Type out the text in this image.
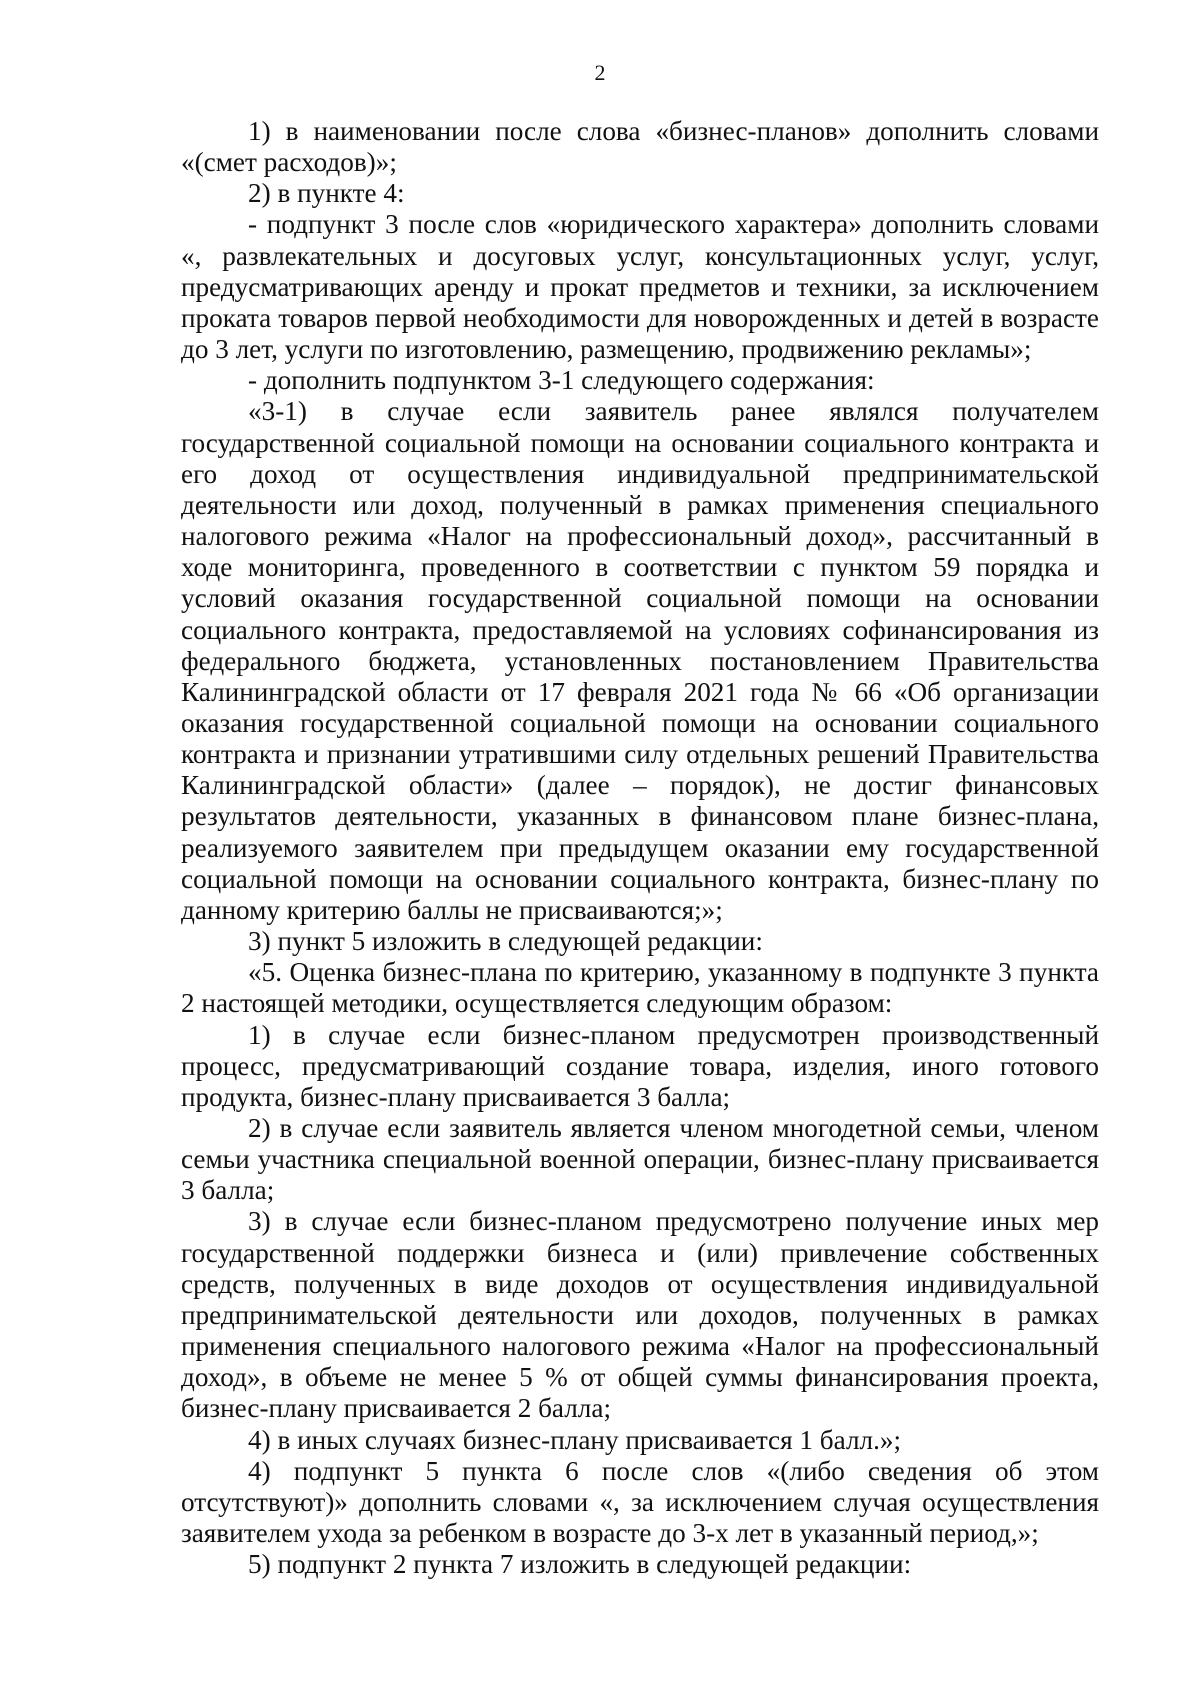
2

1) в наименовании после слова «бизнес-планов» дополнить словами «(смет расходов)»;

2) в пункте 4:

- подпункт 3 после слов «юридического характера» дополнить словами «, развлекательных и досуговых услуг, консультационных услуг, услуг, предусматривающих аренду и прокат предметов и техники, за исключением проката товаров первой необходимости для новорожденных и детей в возрасте до 3 лет, услуги по изготовлению, размещению, продвижению рекламы»;

- дополнить подпунктом 3-1 следующего содержания:

«3-1) в случае если заявитель ранее являлся получателем государственной социальной помощи на основании социального контракта и его доход от осуществления индивидуальной предпринимательской деятельности или доход, полученный в рамках применения специального налогового режима «Налог на профессиональный доход», рассчитанный в ходе мониторинга, проведенного в соответствии с пунктом 59 порядка и условий оказания государственной социальной помощи на основании социального контракта, предоставляемой на условиях софинансирования из федерального бюджета, установленных постановлением Правительства Калининградской области от 17 февраля 2021 года № 66 «Об организации оказания государственной социальной помощи на основании социального контракта и признании утратившими силу отдельных решений Правительства Калининградской области» (далее – порядок), не достиг финансовых результатов деятельности, указанных в финансовом плане бизнес-плана, реализуемого заявителем при предыдущем оказании ему государственной социальной помощи на основании социального контракта, бизнес-плану по данному критерию баллы не присваиваются;»;

3) пункт 5 изложить в следующей редакции:

«5. Оценка бизнес-плана по критерию, указанному в подпункте 3 пункта 2 настоящей методики, осуществляется следующим образом:

1) в случае если бизнес-планом предусмотрен производственный процесс, предусматривающий создание товара, изделия, иного готового продукта, бизнес-плану присваивается 3 балла;

2) в случае если заявитель является членом многодетной семьи, членом семьи участника специальной военной операции, бизнес-плану присваивается 3 балла;

3) в случае если бизнес-планом предусмотрено получение иных мер государственной поддержки бизнеса и (или) привлечение собственных средств, полученных в виде доходов от осуществления индивидуальной предпринимательской деятельности или доходов, полученных в рамках применения специального налогового режима «Налог на профессиональный доход», в объеме не менее 5 % от общей суммы финансирования проекта, бизнес-плану присваивается 2 балла;

4) в иных случаях бизнес-плану присваивается 1 балл.»;

4) подпункт 5 пункта 6 после слов «(либо сведения об этом отсутствуют)» дополнить словами «, за исключением случая осуществления заявителем ухода за ребенком в возрасте до 3-х лет в указанный период,»;

5) подпункт 2 пункта 7 изложить в следующей редакции:
